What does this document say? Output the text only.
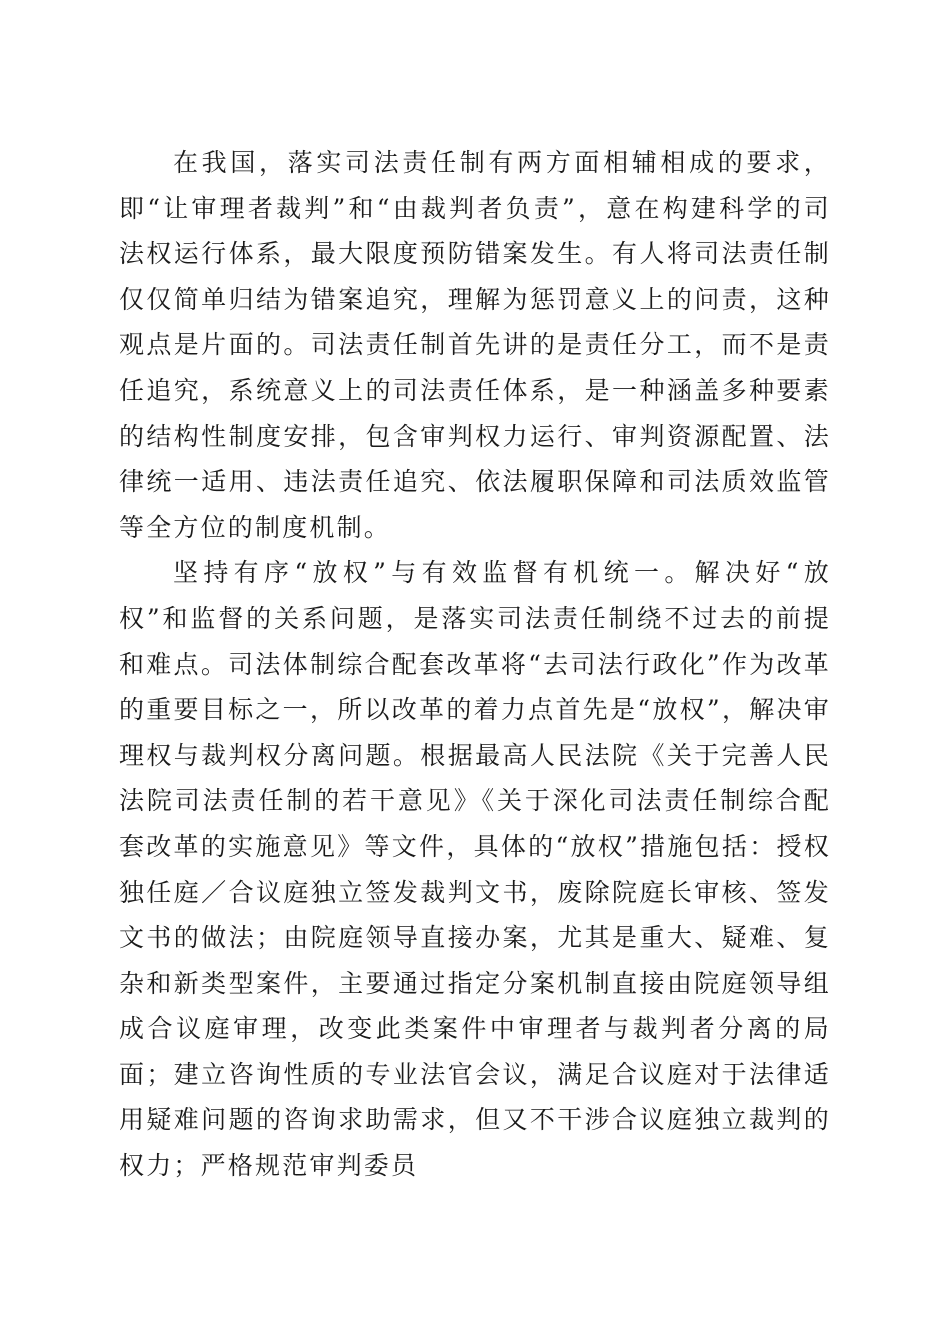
在我国，落实司法责任制有两方面相辅相成的要求，即“让审理者裁判”和“由裁判者负责”，意在构建科学的司法权运行体系，最大限度预防错案发生。有人将司法责任制仅仅简单归结为错案追究，理解为惩罚意义上的问责，这种观点是片面的。司法责任制首先讲的是责任分工，而不是责任追究，系统意义上的司法责任体系，是一种涵盖多种要素的结构性制度安排，包含审判权力运行、审判资源配置、法律统一适用、违法责任追究、依法履职保障和司法质效监管等全方位的制度机制。

坚持有序“放权”与有效监督有机统一。解决好“放权”和监督的关系问题，是落实司法责任制绕不过去的前提和难点。司法体制综合配套改革将“去司法行政化”作为改革的重要目标之一，所以改革的着力点首先是“放权”，解决审理权与裁判权分离问题。根据最高人民法院《关于完善人民法院司法责任制的若干意见》《关于深化司法责任制综合配套改革的实施意见》等文件，具体的“放权”措施包括：授权独任庭／合议庭独立签发裁判文书，废除院庭长审核、签发文书的做法；由院庭领导直接办案，尤其是重大、疑难、复杂和新类型案件，主要通过指定分案机制直接由院庭领导组成合议庭审理，改变此类案件中审理者与裁判者分离的局面；建立咨询性质的专业法官会议，满足合议庭对于法律适用疑难问题的咨询求助需求，但又不干涉合议庭独立裁判的权力；严格规范审判委员
